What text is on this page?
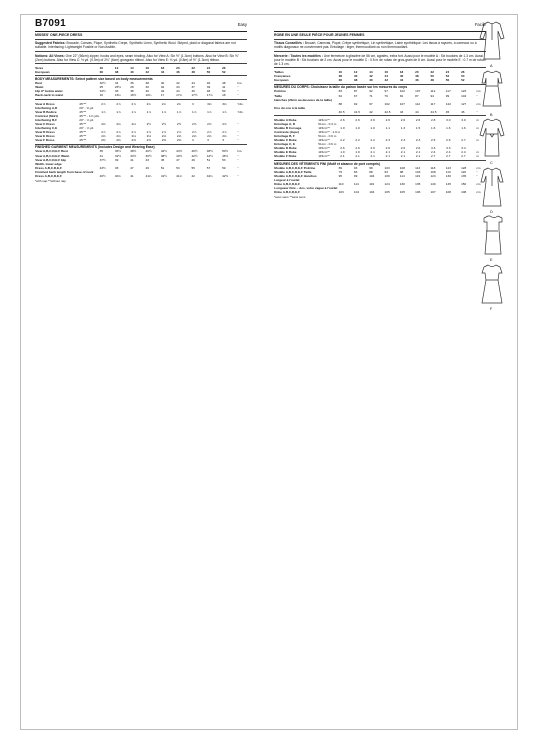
B7091	Easy
MISSES' ONE-PIECE DRESS
Suggested Fabrics: Brocade, Canvas, Pique, Synthetic Crepe, Synthetic Linen, Synthetic Wool. Striped, plaid or diagonal fabrics are not suitable. Interfacing: Lightweight Fusible or Non-fusible.
Notions: All Views: One 22" (56cm) zipper, hooks and eyes, seam binding. Also for View A: Six ½" (1.3cm) buttons. Also for View B: Six ⅝" (2cm) buttons. Also for View C: ½ yd. (0.5m) of 2⅛" (6cm) grosgrain ribbon. Also for View E: ⅛ yd. (0.8m) of ½" (1.3cm) ribbon.
Sizes	10	12	14	16	18	20	22	24	26	
European	36	38	40	42	44	46	48	50	52	
BODY MEASUREMENTS: Select pattern size based on body measurements
Bust	32½	34	36	38	40	42	44	46	48	Ins.
Waist	25	26½	28	30	32	34	37	39	41	"
Hip 9" below waist	34½	36	38	40	42	44	46	48	50	"
Back-neck to waist	16	16¼	16½	16¾	17	17¼	17½	17¾	18	"
View A Dress	45"**	2⅞	2⅞	2⅞	2¾	2¾	2¾	3	3⅛	3⅛	Yds.
Interfacing A,D	20" - ⅜ yd.										
View B Bodice	45"**	1⅞	1⅞	1⅞	1⅞	1⅞	1⅞	1⅞	1⅞	1⅞	Yds.
Contrast (Skirt)	45"** - 1⅝ yds.										
Interfacing B,F	20" - ⅝ yd.										
View C Dress	45"**	2⅛	2⅛	2⅛	2½	2½	2½	2⅝	2⅝	2⅝	"
Interfacing C,E	20" - ⅝ yd.										
View D Dress	45"**	2⅞	2⅞	2⅞	2⅞	2⅞	2⅞	2⅞	2⅞	2⅞	"
View E Dress	45"**	2⅛	2⅛	2⅛	2⅛	2⅛	2⅛	2⅛	2⅛	2⅛	"
View F Dress	45"**	2⅜	2⅜	2⅜	2⅜	2⅜	2⅜	3	3	3	"
FINISHED GARMENT MEASUREMENTS (Includes Design and Wearing Ease)
View A,B,C,D,E,F Bust	35	36½	38½	40½	42½	44½	46½	48½	50½	Ins.
View A,B,C,D,E,F Waist	31	32½	34½	36½	38½	40½	42½	44½	46½	"
View A,B,C,D,E,F Hip	37½	39	41	43	45	47	49	51	53	"
Width, lower edge										
Dress A,B,C,D,E,F	43½	45	47	49	51	53	55	57	59	"
Finished back length from base of neck										
Dress A,B,C,D,E,F	40½	40¾	41	41¼	41½	41¾	42	42¼	42½	"
*with nap **without nap
Facile
ROBE EN UNE SEULE PIÈCE POUR JEUNES FEMMES
Tissus Conseillés : Brocart, Canevas, Piqué, Crêpe synthétique, Lin synthétique, Laine synthétique. Les tissus à rayures, à carreaux ou à motifs diagonaux ne conviennent pas. Entoilage : léger, thermocollant ou non thermocollant.
Mercerie : Toutes les modèles : Une fermeture à glissière de 56 cm, agrafes, extra fort. Aussi pour le modèle A : Six boutons de 1.3 cm. Aussi pour le modèle B : Six boutons de 2 cm. Aussi pour le modèle C : 0.5 m de ruban de gros-grain de 6 cm. Aussi pour le modèle E : 0.7 m de ruban de 1.3 cm.
Tailles	10	12	14	16	18	20	22	24	26	
Françaises	38	40	42	44	46	48	50	52	54	
Européen	36	38	40	42	44	46	48	50	52	
MESURES DU CORPS: Choisissez la taille du patron basée sur les mesures du corps
Poitrine	83	87	92	97	102	107	112	117	122	cm
Taille	64	67	71	76	81	87	94	99	104	"
Hanches (23cm au-dessous de la taille)										
	88	92	97	102	107	112	117	122	127	cm
Dos du cou à la taille										
	40.5	41.5	42	42.5	43	44	44.5	45	46	"
Modèle A Robe	115cm**	2.6	2.6	2.6	2.6	2.6	2.6	2.8	3.0	3.0	m
Entoilage A, D	51cm - 0.3 m										
Modèle B Corsage	115cm**	1.0	1.0	1.0	1.1	1.3	1.5	1.6	1.6	1.6	m
Contraste (Jupe)	115cm** - 1.6 m										
Entoilage B, F	51cm - 0.6 m										
Modèle C Robe	115cm**	2.2	2.2	2.2	2.3	2.3	2.3	2.5	2.6	2.7	m
Entoilage C, E	51cm - 0.6 m										
Modèle D Robe	115cm**	2.6	2.6	2.6	2.6	2.6	2.6	3.3	3.3	3.4	
Modèle E Robe	115cm**	1.9	1.9	2.1	2.1	2.1	2.1	2.4	2.4	2.4	m
Modèle F Robe	115cm**	2.1	2.1	2.1	2.1	2.1	2.1	2.7	2.7	2.7	m
MESURES DES VÊTEMENTS FINI (Motif et aisance de port compris)
Modèle A,B,C,D,E,F Poitrine	89	93	98	103	108	113	118	123	128	cm
Modèle A,B,C,D,E,F Taille	79	83	88	93	98	103	108	113	118	"
Modèle A,B,C,D,E,F Hanches	95	99	104	109	114	119	124	130	135	"
Largeur à l'ourlet										
Robe A,B,C,D,E,F	110	114	119	124	130	135	140	145	150	cm
Longueur finie – dos, votre vague à l'ourlet										
Robe A,B,C,D,E,F	103	104	104	105	105	106	107	108	108	cm
*avec sens **sans sens
A
B
C
D
E
F
